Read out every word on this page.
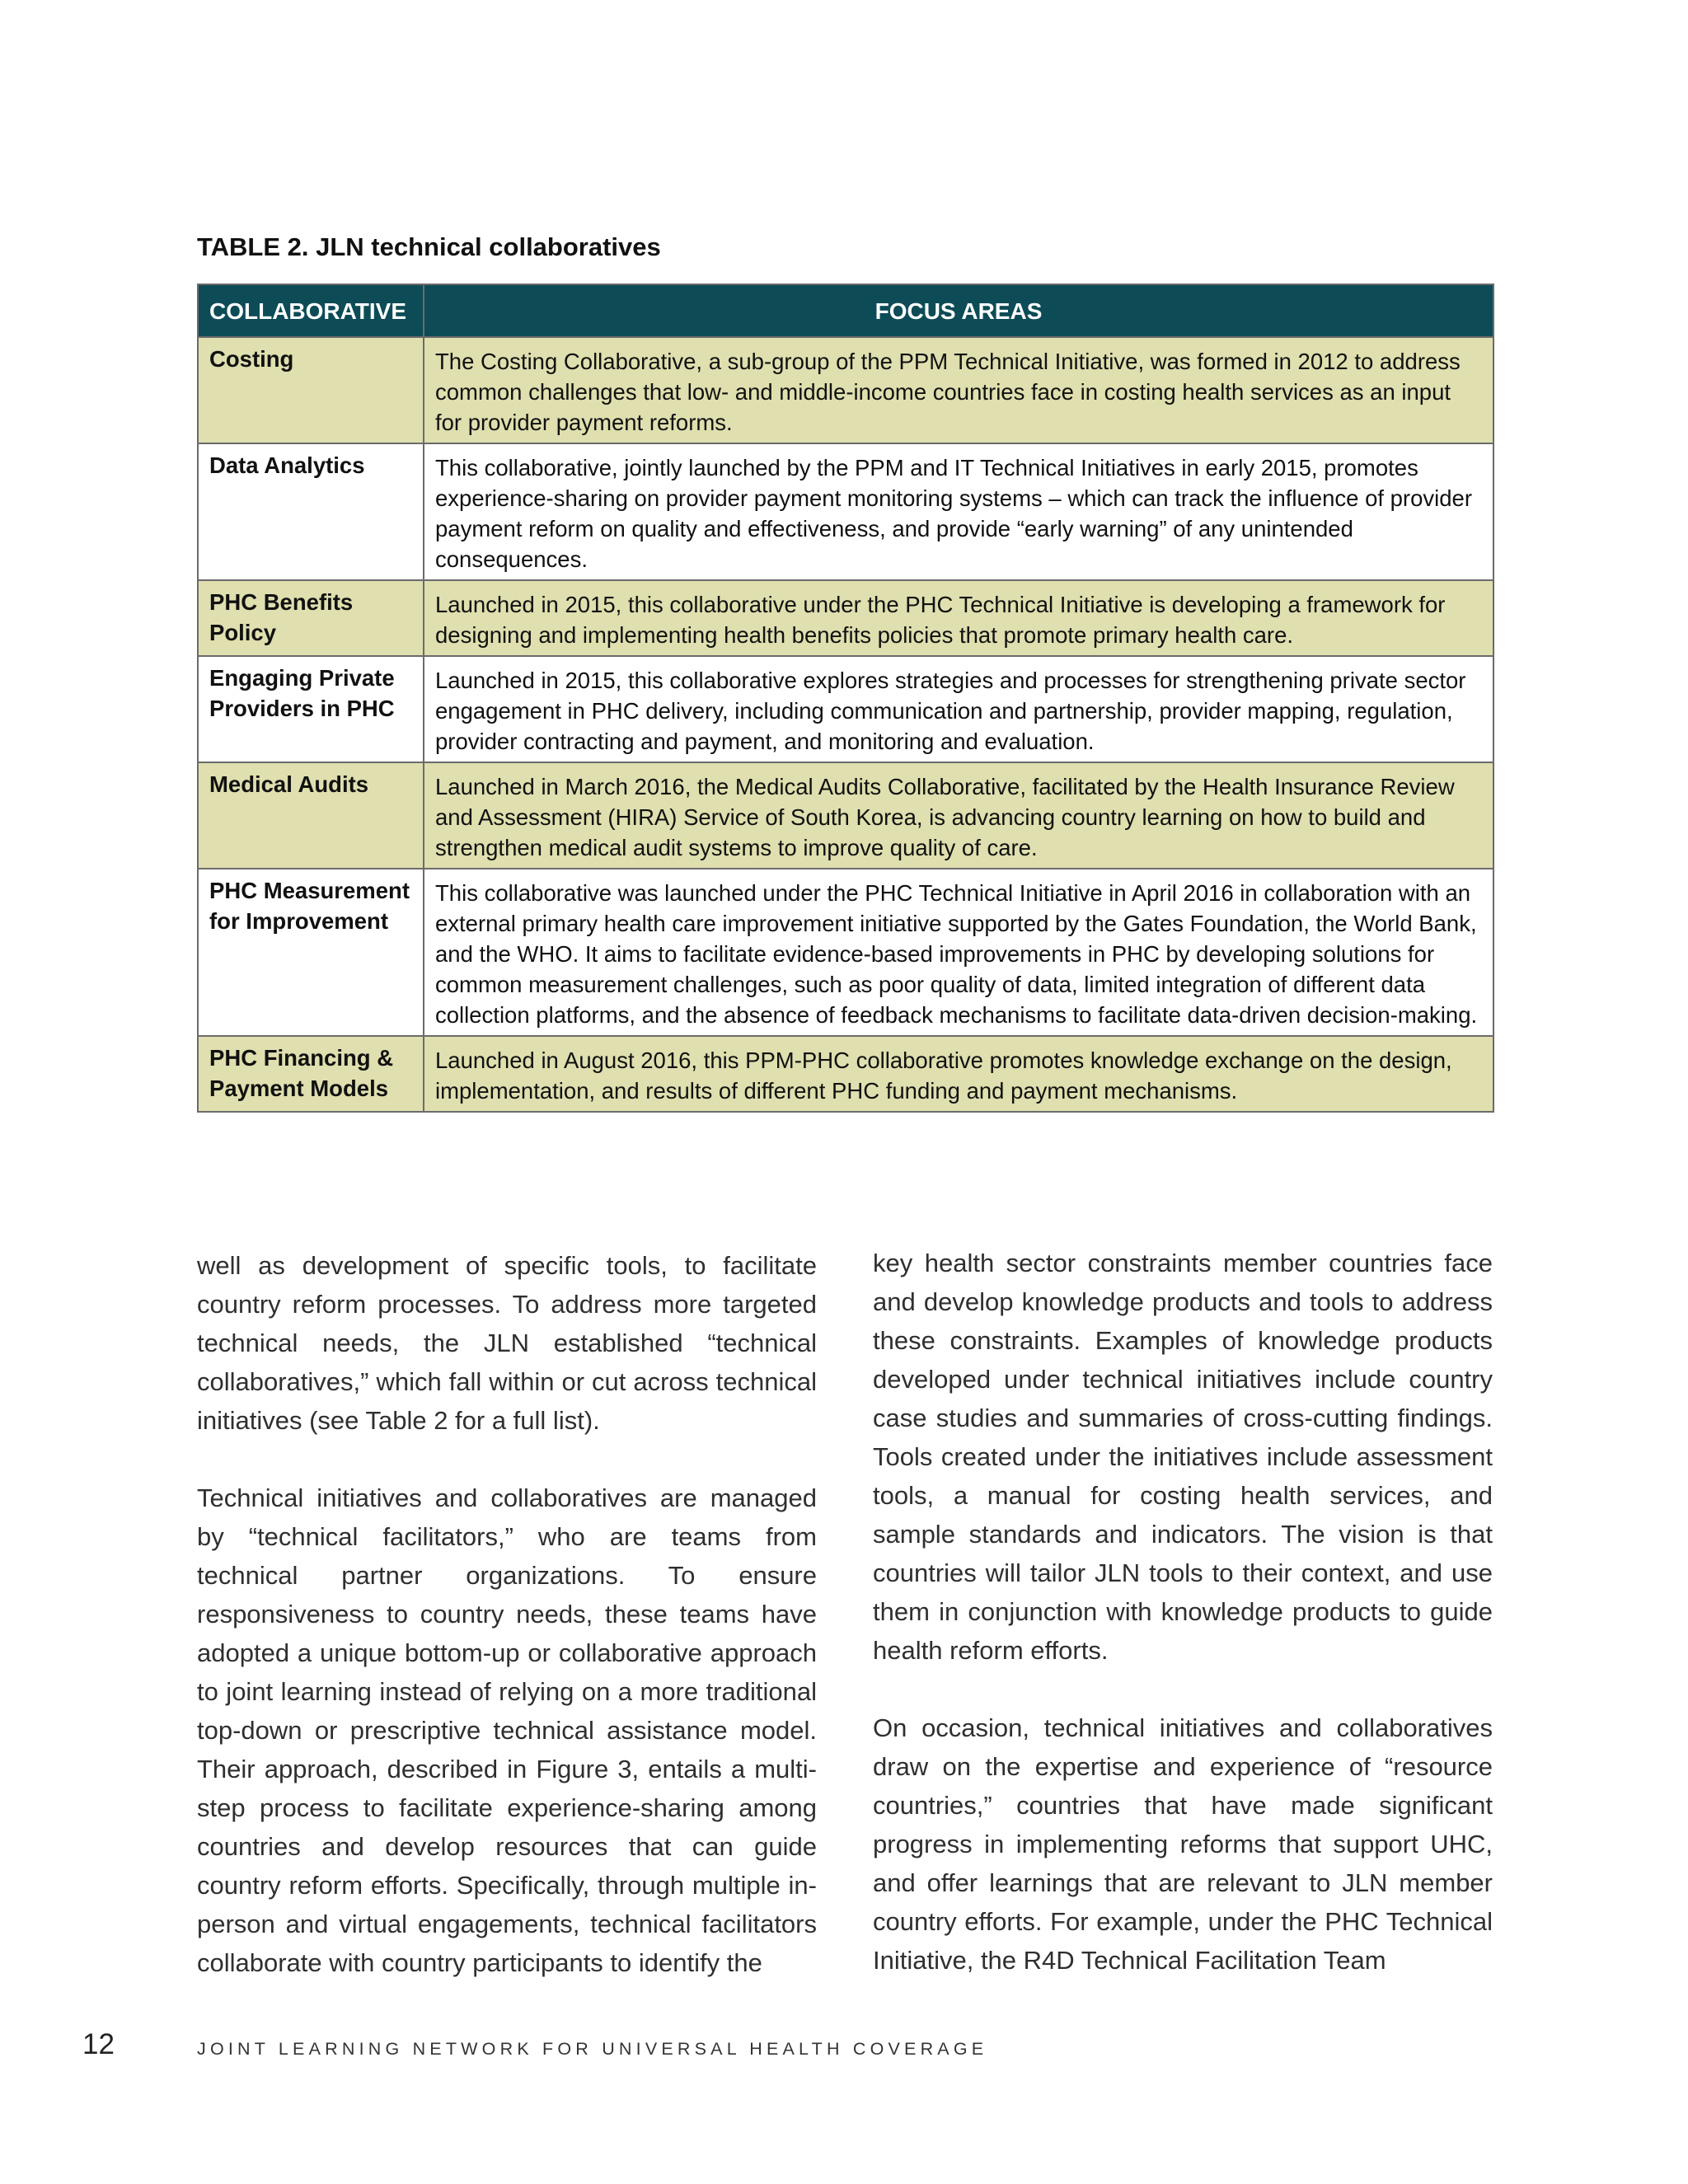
TABLE 2. JLN technical collaboratives
COLLABORATIVE	FOCUS AREAS
Costing	The Costing Collaborative, a sub-group of the PPM Technical Initiative, was formed in 2012 to address common challenges that low- and middle-income countries face in costing health services as an input for provider payment reforms.
Data Analytics	This collaborative, jointly launched by the PPM and IT Technical Initiatives in early 2015, promotes experience-sharing on provider payment monitoring systems – which can track the influence of provider payment reform on quality and effectiveness, and provide “early warning” of any unintended consequences.
PHC Benefits Policy	Launched in 2015, this collaborative under the PHC Technical Initiative is developing a framework for designing and implementing health benefits policies that promote primary health care.
Engaging Private Providers in PHC	Launched in 2015, this collaborative explores strategies and processes for strengthening private sector engagement in PHC delivery, including communication and partnership, provider mapping, regulation, provider contracting and payment, and monitoring and evaluation.
Medical Audits	Launched in March 2016, the Medical Audits Collaborative, facilitated by the Health Insurance Review and Assessment (HIRA) Service of South Korea, is advancing country learning on how to build and strengthen medical audit systems to improve quality of care.
PHC Measurement for Improvement	This collaborative was launched under the PHC Technical Initiative in April 2016 in collaboration with an external primary health care improvement initiative supported by the Gates Foundation, the World Bank, and the WHO. It aims to facilitate evidence-based improvements in PHC by developing solutions for common measurement challenges, such as poor quality of data, limited integration of different data collection platforms, and the absence of feedback mechanisms to facilitate data-driven decision-making.
PHC Financing & Payment Models	Launched in August 2016, this PPM-PHC collaborative promotes knowledge exchange on the design, implementation, and results of different PHC funding and payment mechanisms.

well as development of specific tools, to facilitate country reform processes. To address more targeted technical needs, the JLN established “technical collaboratives,” which fall within or cut across technical initiatives (see Table 2 for a full list).

Technical initiatives and collaboratives are managed by “technical facilitators,” who are teams from technical partner organizations. To ensure responsiveness to country needs, these teams have adopted a unique bottom-up or collaborative approach to joint learning instead of relying on a more traditional top-down or prescriptive technical assistance model. Their approach, described in Figure 3, entails a multi-step process to facilitate experience-sharing among countries and develop resources that can guide country reform efforts. Specifically, through multiple in-person and virtual engagements, technical facilitators collaborate with country participants to identify the

key health sector constraints member countries face and develop knowledge products and tools to address these constraints. Examples of knowledge products developed under technical initiatives include country case studies and summaries of cross-cutting findings. Tools created under the initiatives include assessment tools, a manual for costing health services, and sample standards and indicators. The vision is that countries will tailor JLN tools to their context, and use them in conjunction with knowledge products to guide health reform efforts.

On occasion, technical initiatives and collaboratives draw on the expertise and experience of “resource countries,” countries that have made significant progress in implementing reforms that support UHC, and offer learnings that are relevant to JLN member country efforts. For example, under the PHC Technical Initiative, the R4D Technical Facilitation Team

12	JOINT LEARNING NETWORK FOR UNIVERSAL HEALTH COVERAGE
